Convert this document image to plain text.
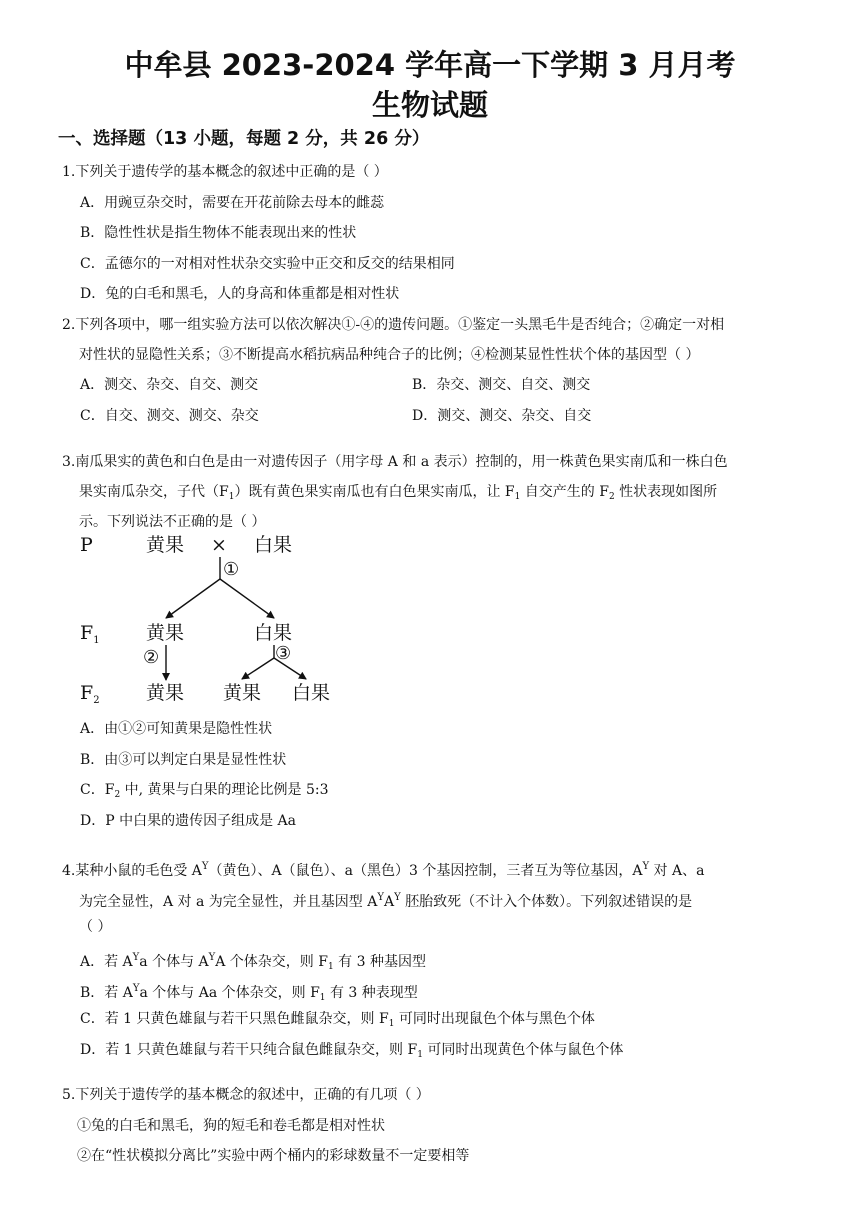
中牟县 2023-2024 学年高一下学期 3 月月考
生物试题
一、选择题（13 小题，每题 2 分，共 26 分）
1.下列关于遗传学的基本概念的叙述中正确的是（ ）
A．用豌豆杂交时，需要在开花前除去母本的雌蕊
B．隐性性状是指生物体不能表现出来的性状
C．孟德尔的一对相对性状杂交实验中正交和反交的结果相同
D．兔的白毛和黑毛，人的身高和体重都是相对性状
2.下列各项中，哪一组实验方法可以依次解决①-④的遗传问题。①鉴定一头黑毛牛是否纯合；②确定一对相
对性状的显隐性关系；③不断提高水稻抗病品种纯合子的比例；④检测某显性性状个体的基因型（ ）
A．测交、杂交、自交、测交	B．杂交、测交、自交、测交
C．自交、测交、测交、杂交	D．测交、测交、杂交、自交
3.南瓜果实的黄色和白色是由一对遗传因子（用字母 A 和 a 表示）控制的，用一株黄色果实南瓜和一株白色
果实南瓜杂交，子代$(F_1)$既有黄色果实南瓜也有白色果实南瓜，让 $F_1$ 自交产生的 $F_2$ 性状表现如图所
示。下列说法不正确的是（ ）
P	黄果 × 白果
①
$F_1$ 黄果	白果
②	③
$F_2$ 黄果 黄果 白果
A．由①②可知黄果是隐性性状
B．由③可以判定白果是显性性状
C．$F_2$ 中, 黄果与白果的理论比例是 5:3
D．P 中白果的遗传因子组成是 Aa
4.某种小鼠的毛色受 $A^Y$（黄色）、A（鼠色）、a（黑色）3 个基因控制，三者互为等位基因，$A^Y$ 对 A、a
为完全显性，A 对 a 为完全显性，并且基因型 $A^YA^Y$ 胚胎致死（不计入个体数）。下列叙述错误的是
（ ）
A．若 $A^Ya$ 个体与 $A^YA$ 个体杂交，则 $F_1$ 有 3 种基因型
B．若 $A^Ya$ 个体与 Aa 个体杂交，则 $F_1$ 有 3 种表现型
C．若 1 只黄色雄鼠与若干只黑色雌鼠杂交，则 $F_1$ 可同时出现鼠色个体与黑色个体
D．若 1 只黄色雄鼠与若干只纯合鼠色雌鼠杂交，则 $F_1$ 可同时出现黄色个体与鼠色个体
5.下列关于遗传学的基本概念的叙述中，正确的有几项（ ）
①兔的白毛和黑毛，狗的短毛和卷毛都是相对性状
②在“性状模拟分离比”实验中两个桶内的彩球数量不一定要相等
